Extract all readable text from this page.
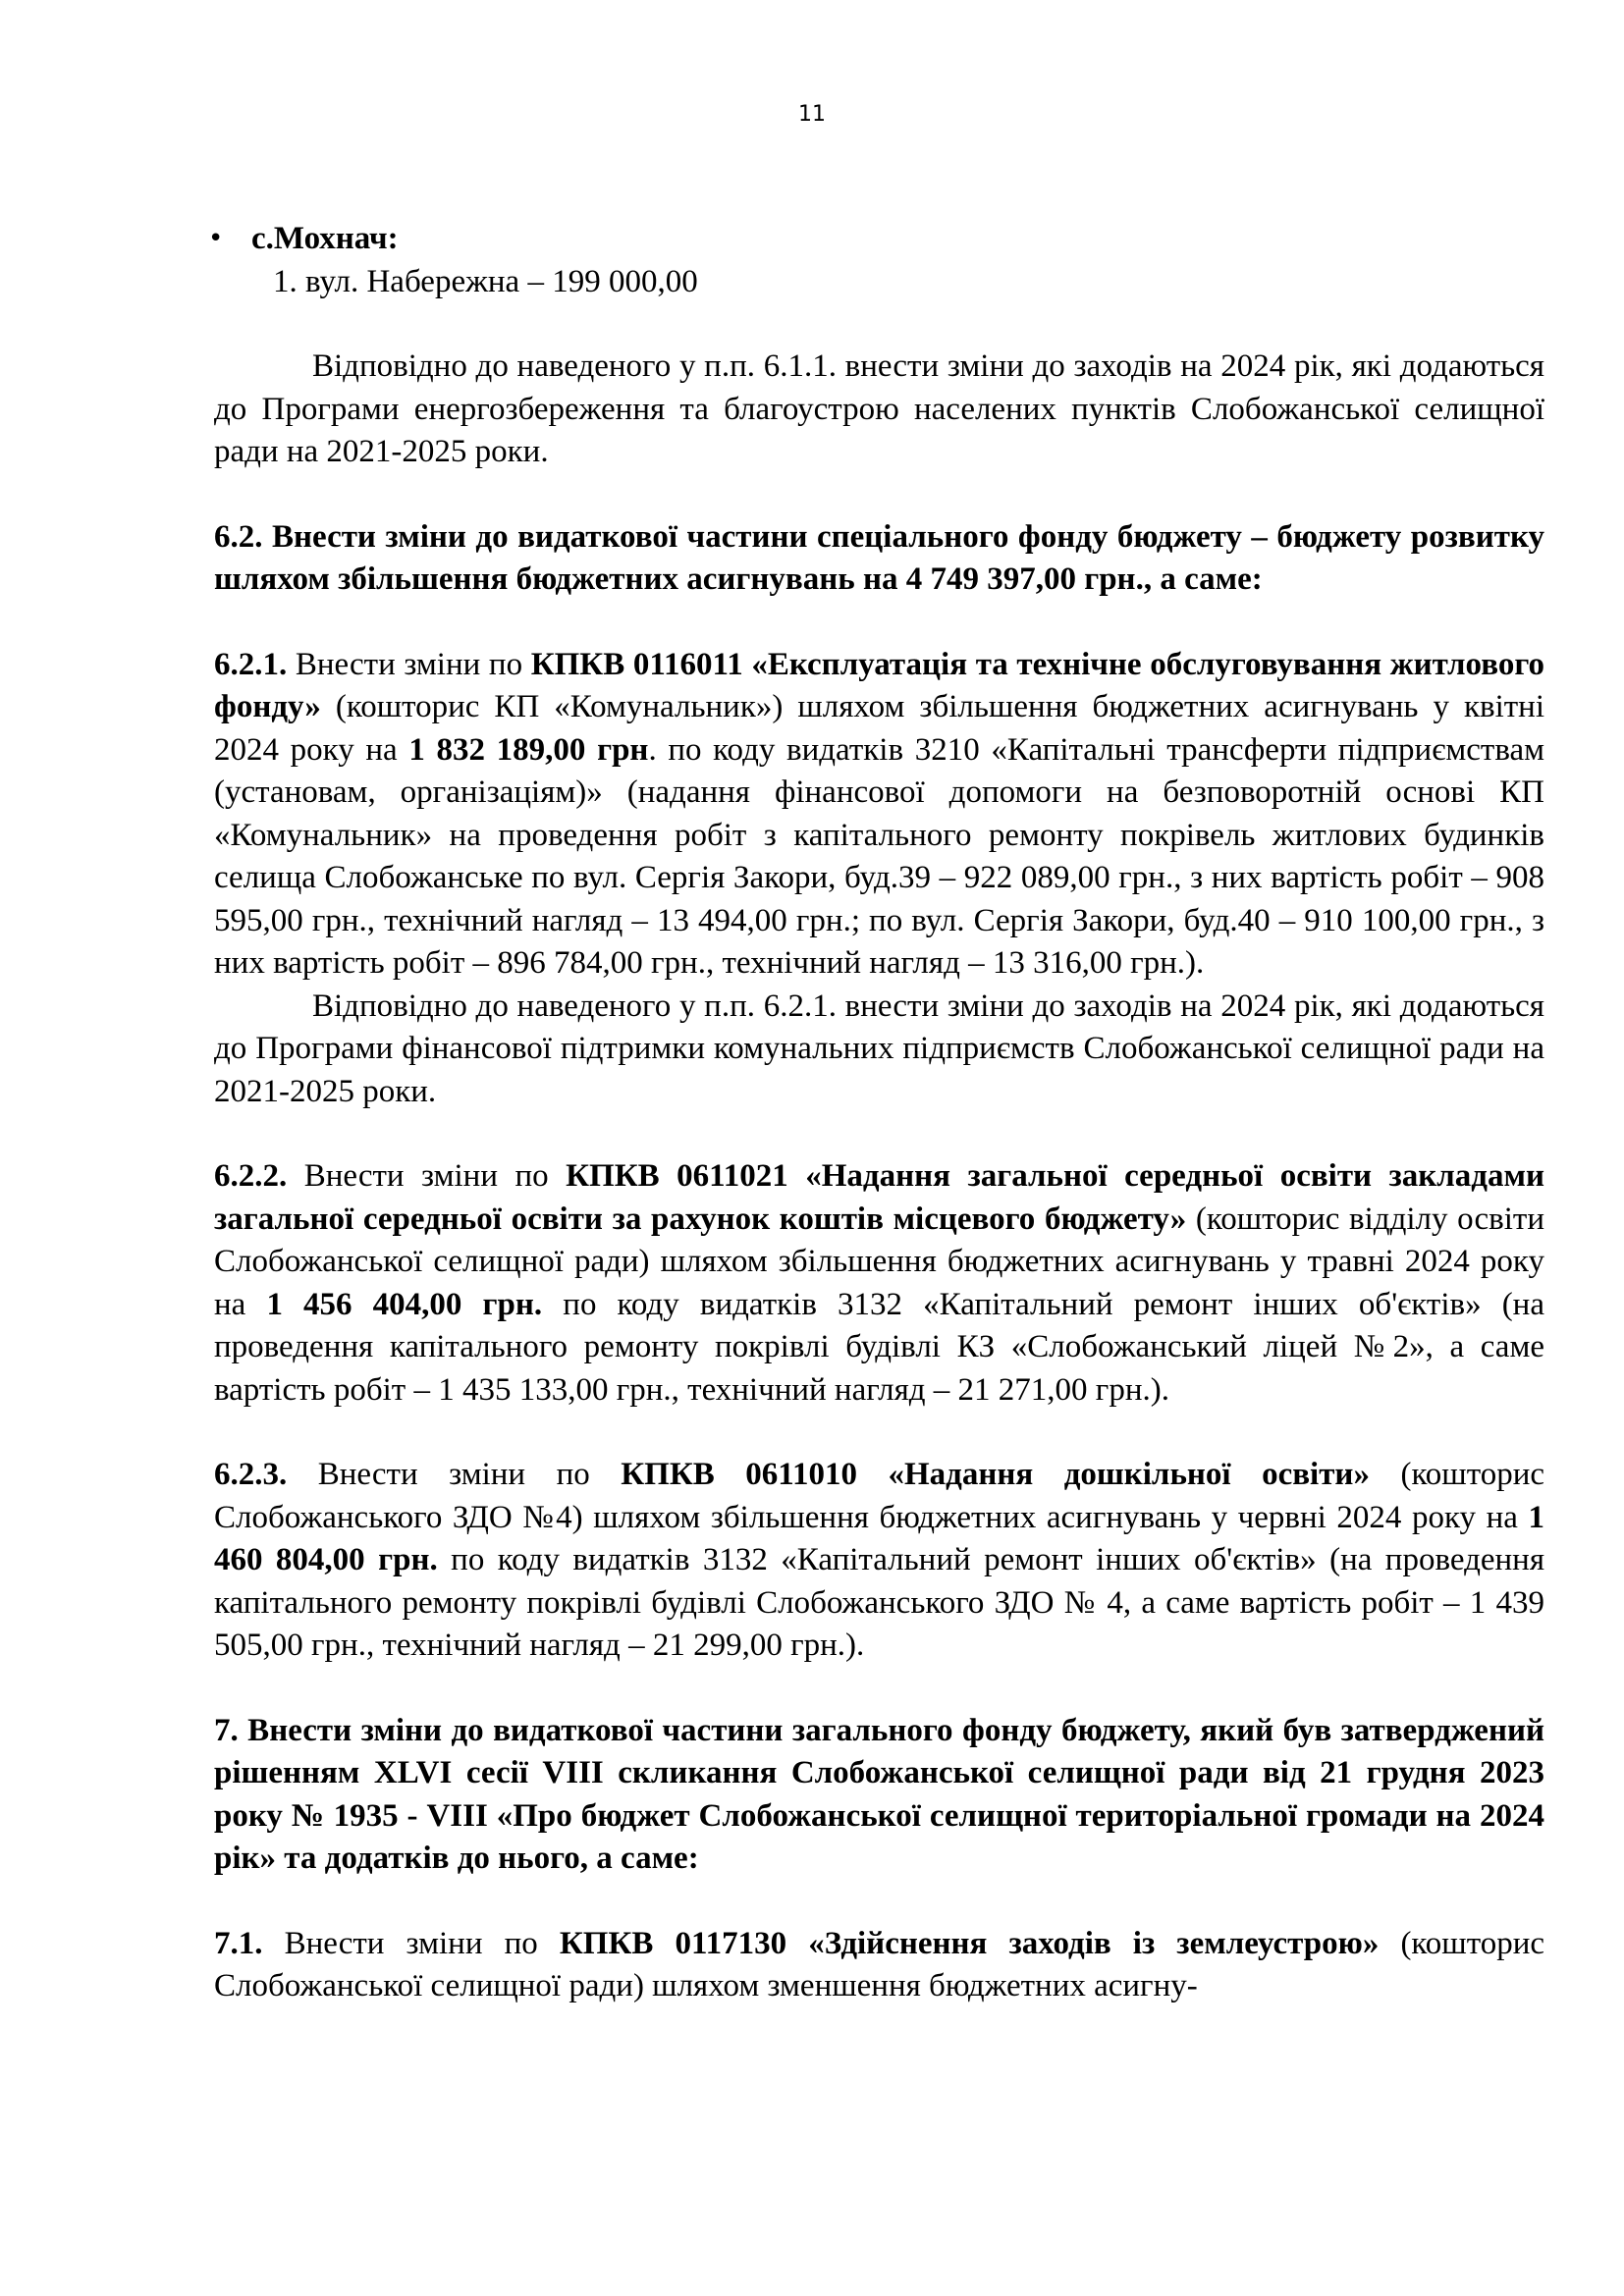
11
• с.Мохнач:

1. вул. Набережна – 199 000,00

Відповідно до наведеного у п.п. 6.1.1. внести зміни до заходів на 2024 рік, які додаються до Програми енергозбереження та благоустрою населених пунктів Слобожанської селищної ради на 2021-2025 роки.

6.2. Внести зміни до видаткової частини спеціального фонду бюджету – бюджету розвитку шляхом збільшення бюджетних асигнувань на 4 749 397,00 грн., а саме:

6.2.1. Внести зміни по КПКВ 0116011 «Експлуатація та технічне обслуговування житлового фонду» (кошторис КП «Комунальник») шляхом збільшення бюджетних асигнувань у квітні 2024 року на 1 832 189,00 грн. по коду видатків 3210 «Капітальні трансферти підприємствам (установам, організаціям)» (надання фінансової допомоги на безповоротній основі КП «Комунальник» на проведення робіт з капітального ремонту покрівель житлових будинків селища Слобожанське по вул. Сергія Закори, буд.39 – 922 089,00 грн., з них вартість робіт – 908 595,00 грн., технічний нагляд – 13 494,00 грн.; по вул. Сергія Закори, буд.40 – 910 100,00 грн., з них вартість робіт – 896 784,00 грн., технічний нагляд – 13 316,00 грн.).

Відповідно до наведеного у п.п. 6.2.1. внести зміни до заходів на 2024 рік, які додаються до Програми фінансової підтримки комунальних підприємств Слобожанської селищної ради на 2021-2025 роки.

6.2.2. Внести зміни по КПКВ 0611021 «Надання загальної середньої освіти закладами загальної середньої освіти за рахунок коштів місцевого бюджету» (кошторис відділу освіти Слобожанської селищної ради) шляхом збільшення бюджетних асигнувань у травні 2024 року на 1 456 404,00 грн. по коду видатків 3132 «Капітальний ремонт інших об'єктів» (на проведення капітального ремонту покрівлі будівлі КЗ «Слобожанський ліцей №2», а саме вартість робіт – 1 435 133,00 грн., технічний нагляд – 21 271,00 грн.).

6.2.3. Внести зміни по КПКВ 0611010 «Надання дошкільної освіти» (кошторис Слобожанського ЗДО №4) шляхом збільшення бюджетних асигнувань у червні 2024 року на 1 460 804,00 грн. по коду видатків 3132 «Капітальний ремонт інших об'єктів» (на проведення капітального ремонту покрівлі будівлі Слобожанського ЗДО № 4, а саме вартість робіт – 1 439 505,00 грн., технічний нагляд – 21 299,00 грн.).

7. Внести зміни до видаткової частини загального фонду бюджету, який був затверджений рішенням XLVI сесії VIII скликання Слобожанської селищної ради від 21 грудня 2023 року № 1935 - VIII «Про бюджет Слобожанської селищної територіальної громади на 2024 рік» та додатків до нього, а саме:

7.1. Внести зміни по КПКВ 0117130 «Здійснення заходів із землеустрою» (кошторис Слобожанської селищної ради) шляхом зменшення бюджетних асигну-
